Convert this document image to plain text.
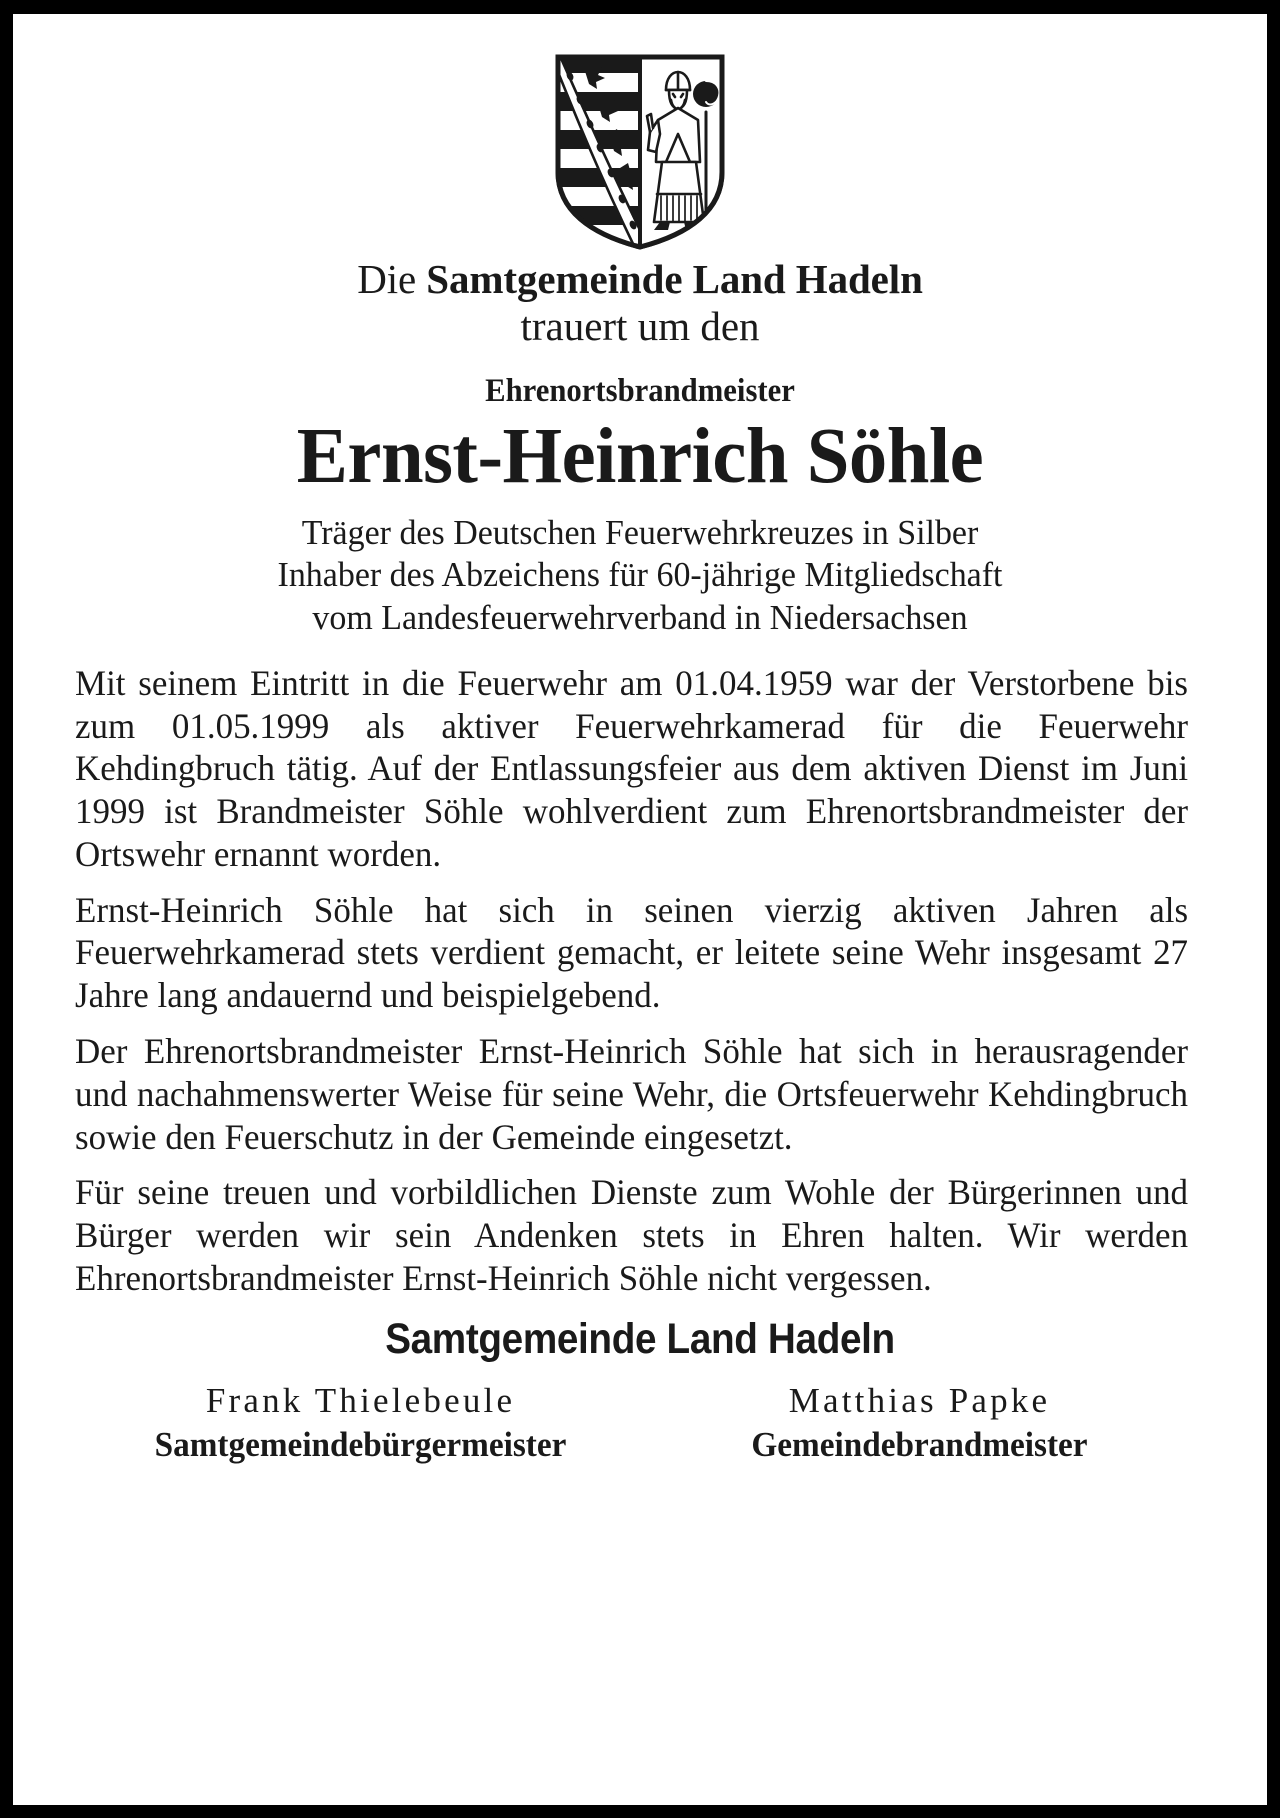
Die Samtgemeinde Land Hadeln
trauert um den
Ehrenortsbrandmeister
Ernst-Heinrich Söhle
Träger des Deutschen Feuerwehrkreuzes in Silber
Inhaber des Abzeichens für 60-jährige Mitgliedschaft
vom Landesfeuerwehrverband in Niedersachsen

Mit seinem Eintritt in die Feuerwehr am 01.04.1959 war der Verstorbene bis zum 01.05.1999 als aktiver Feuerwehrkamerad für die Feuerwehr Kehdingbruch tätig. Auf der Entlassungsfeier aus dem aktiven Dienst im Juni 1999 ist Brandmeister Söhle wohlverdient zum Ehrenortsbrandmeister der Ortswehr ernannt worden.

Ernst-Heinrich Söhle hat sich in seinen vierzig aktiven Jahren als Feuerwehrkamerad stets verdient gemacht, er leitete seine Wehr insgesamt 27 Jahre lang andauernd und beispielgebend.

Der Ehrenortsbrandmeister Ernst-Heinrich Söhle hat sich in herausragender und nachahmenswerter Weise für seine Wehr, die Ortsfeuerwehr Kehdingbruch sowie den Feuerschutz in der Gemeinde eingesetzt.

Für seine treuen und vorbildlichen Dienste zum Wohle der Bürgerinnen und Bürger werden wir sein Andenken stets in Ehren halten. Wir werden Ehrenortsbrandmeister Ernst-Heinrich Söhle nicht vergessen.

Samtgemeinde Land Hadeln
Frank Thielebeule
Samtgemeindebürgermeister
Matthias Papke
Gemeindebrandmeister
